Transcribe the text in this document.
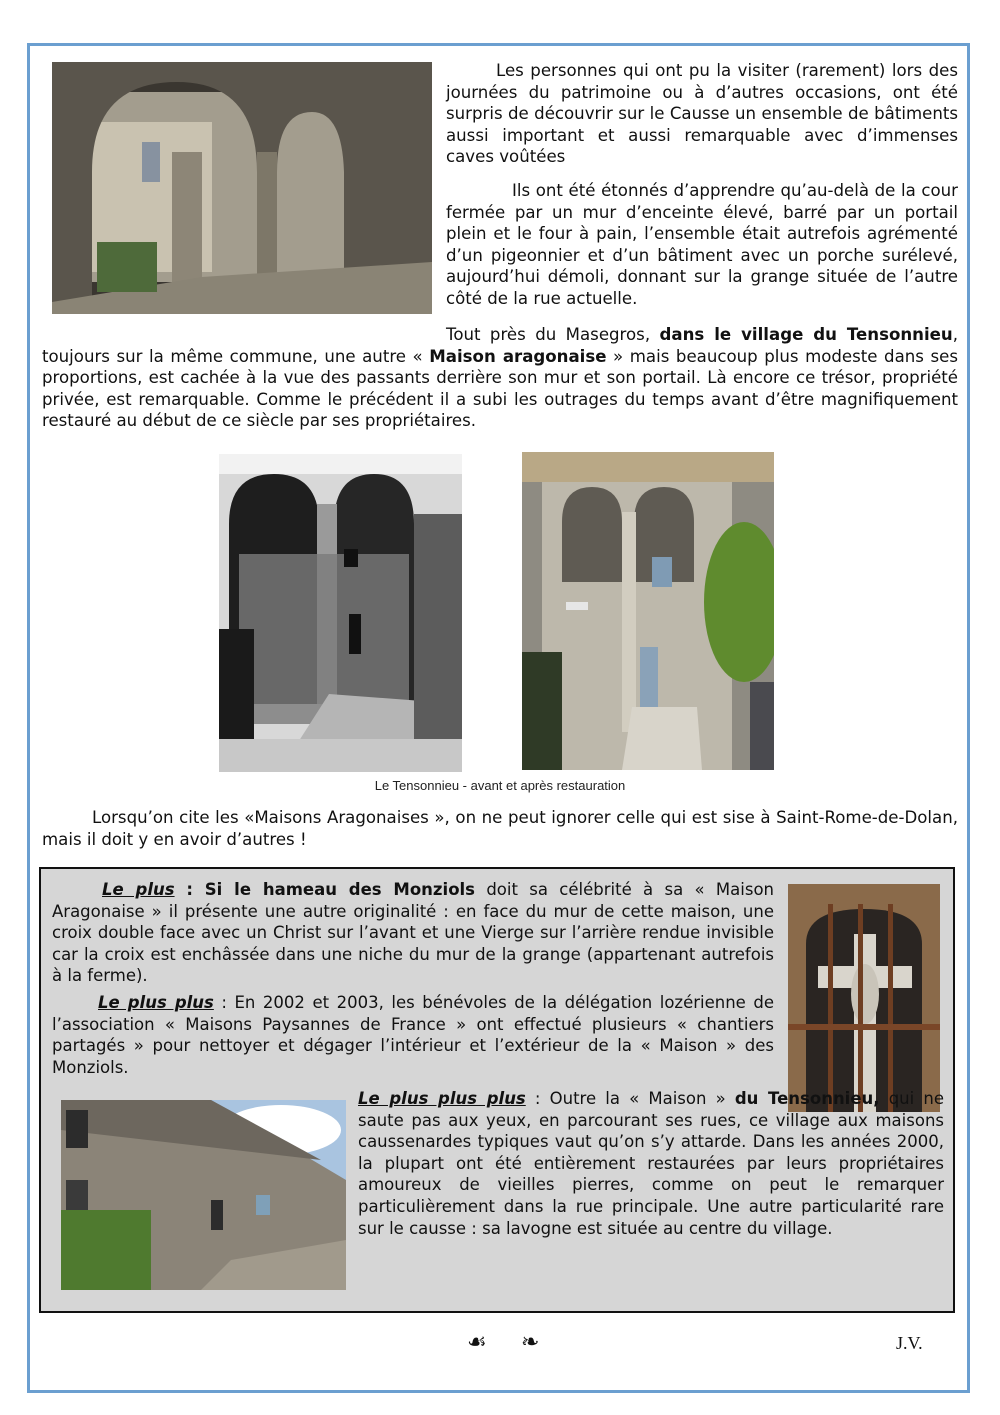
Les personnes qui ont pu la visiter (rarement) lors des journées du patrimoine ou à d’autres occasions, ont été surpris de découvrir sur le Causse un ensemble de bâtiments aussi important et aussi remarquable avec d’immenses caves voûtées
Ils ont été étonnés d’apprendre qu’au-delà de la cour fermée par un mur d’enceinte élevé, barré par un portail plein et le four à pain, l’ensemble était autrefois agrémenté d’un pigeonnier et d’un bâtiment avec un porche surélevé, aujourd’hui démoli, donnant sur la grange située de l’autre côté de la rue actuelle.
Tout près du Masegros, dans le village du Tensonnieu, toujours sur la même commune, une autre « Maison aragonaise » mais beaucoup plus modeste dans ses proportions, est cachée à la vue des passants derrière son mur et son portail. Là encore ce trésor, propriété privée, est remarquable. Comme le précédent il a subi les outrages du temps avant d’être magnifiquement restauré au début de ce siècle par ses propriétaires.
Le Tensonnieu - avant et après restauration
Lorsqu’on cite les «Maisons Aragonaises », on ne peut ignorer celle qui est sise à Saint-Rome-de-Dolan, mais il doit y en avoir d’autres !
Le plus : Si le hameau des Monziols doit sa célébrité à sa « Maison Aragonaise » il présente une autre originalité : en face du mur de cette maison, une croix double face avec un Christ sur l’avant et une Vierge sur l’arrière rendue invisible car la croix est enchâssée dans une niche du mur de la grange (appartenant autrefois à la ferme).
Le plus plus : En 2002 et 2003, les bénévoles de la délégation lozérienne de l’association « Maisons Paysannes de France » ont effectué plusieurs « chantiers partagés » pour nettoyer et dégager l’intérieur et l’extérieur de la « Maison » des Monziols.
Le plus plus plus : Outre la « Maison » du Tensonnieu, qui ne saute pas aux yeux, en parcourant ses rues, ce village aux maisons caussenardes typiques vaut qu’on s’y attarde. Dans les années 2000, la plupart ont été entièrement restaurées par leurs propriétaires amoureux de vieilles pierres, comme on peut le remarquer particulièrement dans la rue principale. Une autre particularité rare sur le causse : sa lavogne est située au centre du village.
☙ ❧	J.V.
